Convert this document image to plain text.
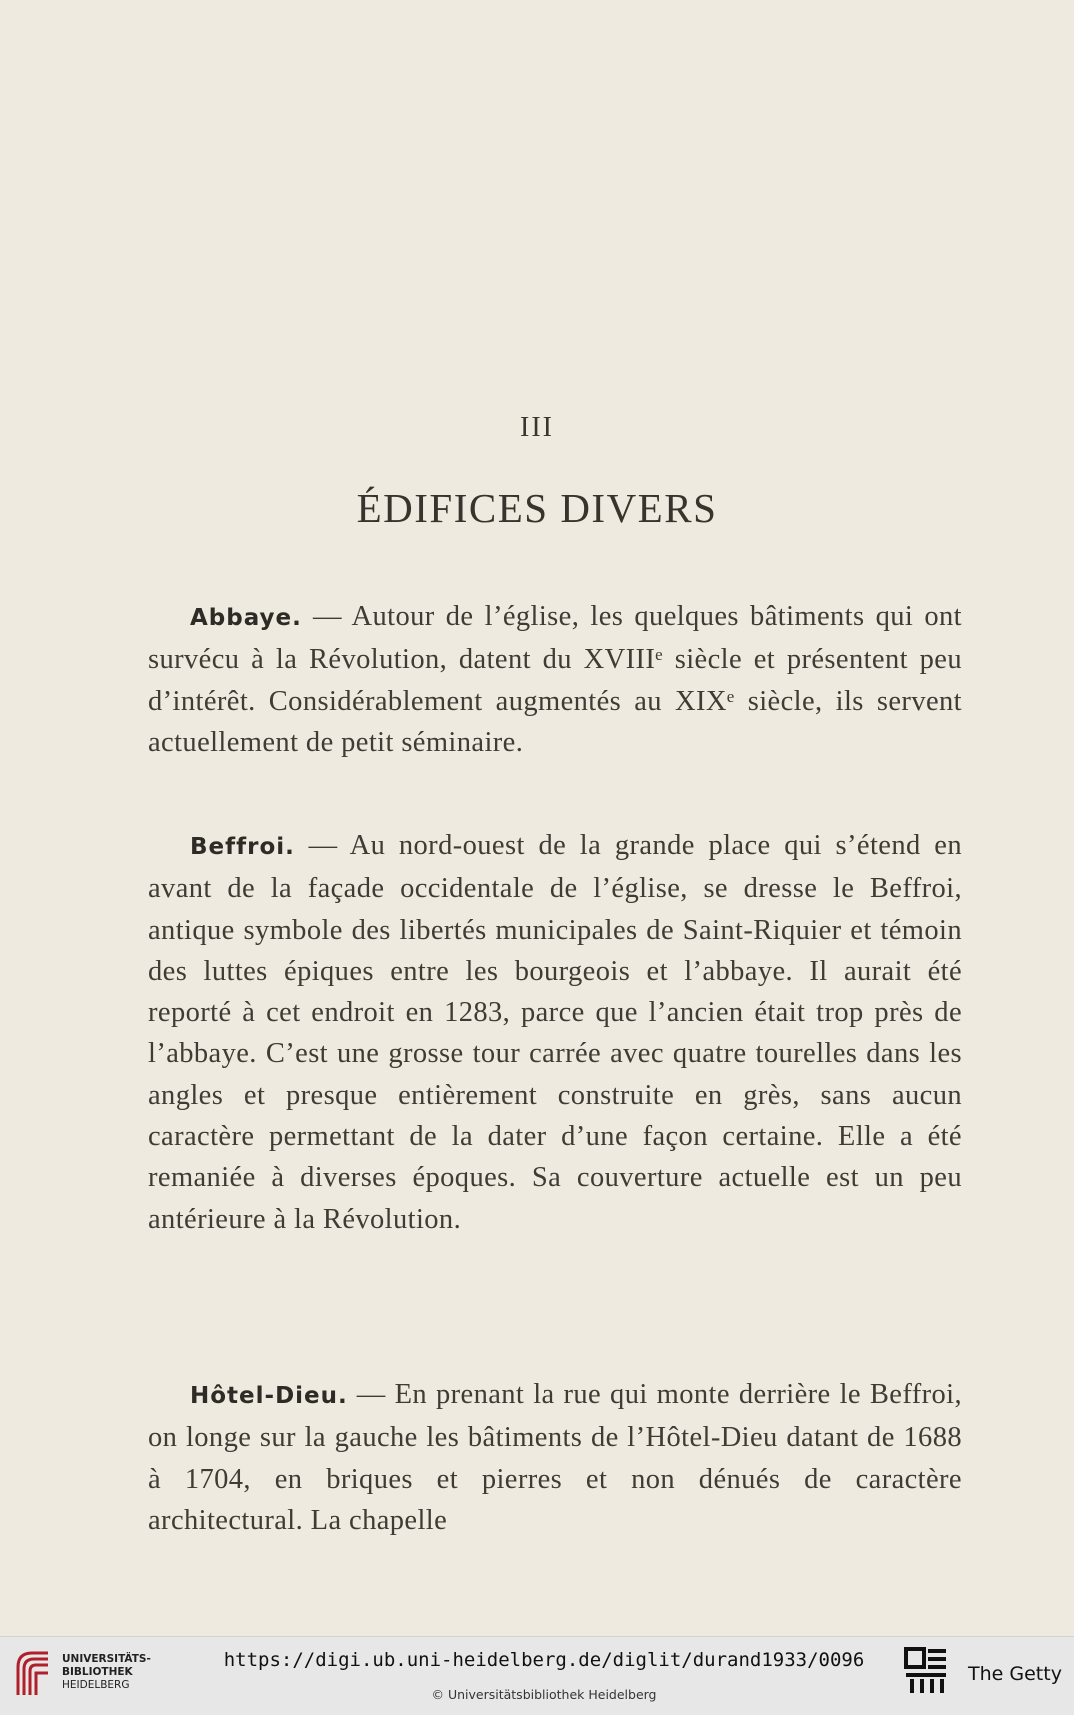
III
ÉDIFICES DIVERS
Abbaye. — Autour de l’église, les quelques bâtiments qui ont survécu à la Révolution, datent du XVIIIᵉ siècle et présentent peu d’intérêt. Considérablement augmentés au XIXᵉ siècle, ils servent actuellement de petit séminaire.
Beffroi. — Au nord-ouest de la grande place qui s’étend en avant de la façade occidentale de l’église, se dresse le Beffroi, antique symbole des libertés municipales de Saint-Riquier et témoin des luttes épiques entre les bourgeois et l’abbaye. Il aurait été reporté à cet endroit en 1283, parce que l’ancien était trop près de l’abbaye. C’est une grosse tour carrée avec quatre tourelles dans les angles et presque entièrement construite en grès, sans aucun caractère permettant de la dater d’une façon certaine. Elle a été remaniée à diverses époques. Sa couverture actuelle est un peu antérieure à la Révolution.
Hôtel-Dieu. — En prenant la rue qui monte derrière le Beffroi, on longe sur la gauche les bâtiments de l’Hôtel-Dieu datant de 1688 à 1704, en briques et pierres et non dénués de caractère architectural. La chapelle
UNIVERSITÄTS-
BIBLIOTHEK
HEIDELBERG
https://digi.ub.uni-heidelberg.de/diglit/durand1933/0096
© Universitätsbibliothek Heidelberg
The Getty
